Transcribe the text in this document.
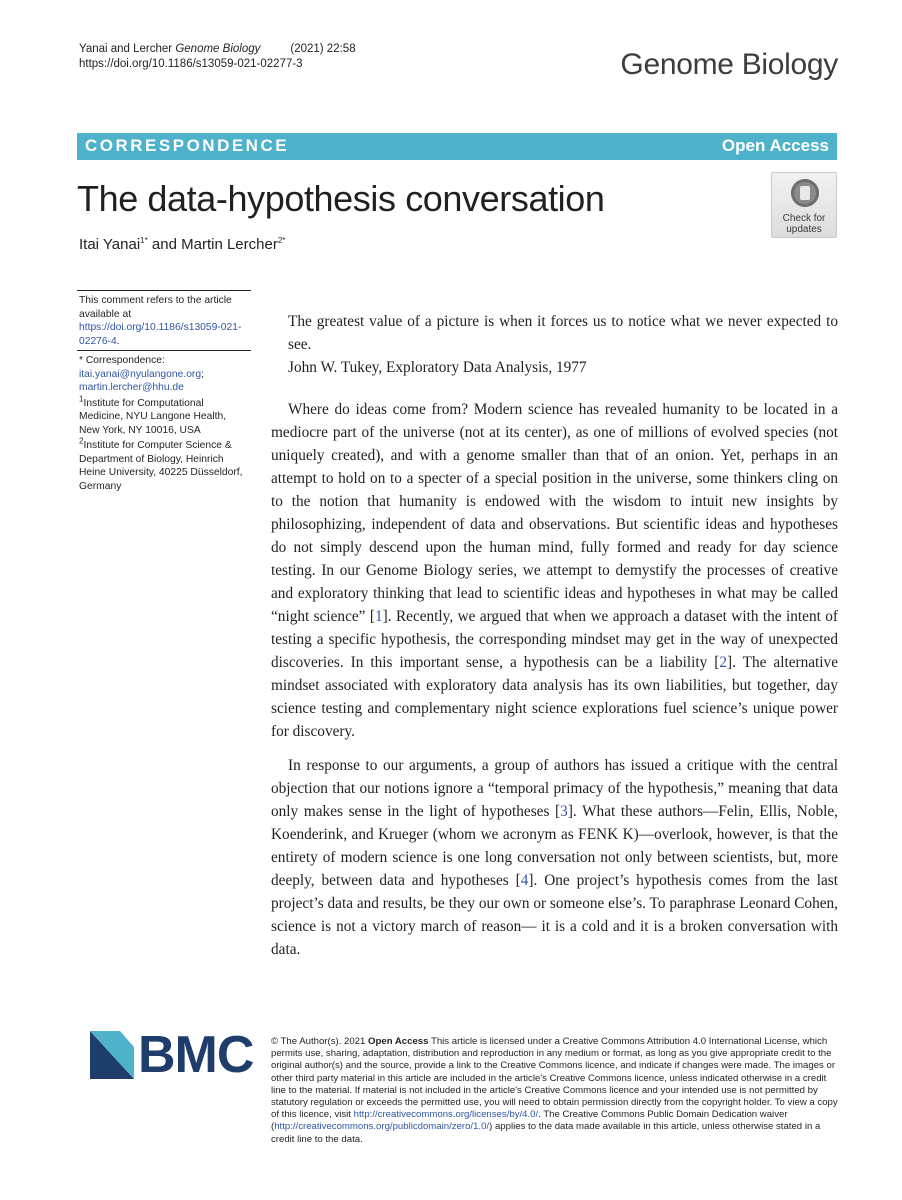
Yanai and Lercher Genome Biology	(2021) 22:58
https://doi.org/10.1186/s13059-021-02277-3	Genome Biology
CORRESPONDENCE	Open Access
The data-hypothesis conversation
Itai Yanai$^{1*}$ and Martin Lercher$^{2*}$
Check for
updates
This comment refers to the article available at https://doi.org/10.1186/s13059-021-02276-4.
* Correspondence: itai.yanai@nyulangone.org; martin.lercher@hhu.de
$^1$Institute for Computational Medicine, NYU Langone Health, New York, NY 10016, USA
$^2$Institute for Computer Science & Department of Biology, Heinrich Heine University, 40225 Düsseldorf, Germany
The greatest value of a picture is when it forces us to notice what we never expected to see.
John W. Tukey, Exploratory Data Analysis, 1977

Where do ideas come from? Modern science has revealed humanity to be located in a mediocre part of the universe (not at its center), as one of millions of evolved species (not uniquely created), and with a genome smaller than that of an onion. Yet, perhaps in an attempt to hold on to a specter of a special position in the universe, some thinkers cling on to the notion that humanity is endowed with the wisdom to intuit new insights by philosophizing, independent of data and observations. But scientific ideas and hypotheses do not simply descend upon the human mind, fully formed and ready for day science testing. In our Genome Biology series, we attempt to demystify the processes of creative and exploratory thinking that lead to scientific ideas and hypotheses in what may be called “night science” [1]. Recently, we argued that when we approach a dataset with the intent of testing a specific hypothesis, the corresponding mindset may get in the way of unexpected discoveries. In this important sense, a hypothesis can be a liability [2]. The alternative mindset associated with exploratory data analysis has its own liabilities, but together, day science testing and complementary night science explorations fuel science’s unique power for discovery.

In response to our arguments, a group of authors has issued a critique with the central objection that our notions ignore a “temporal primacy of the hypothesis,” meaning that data only makes sense in the light of hypotheses [3]. What these authors—Felin, Ellis, Noble, Koenderink, and Krueger (whom we acronym as FENK K)—overlook, however, is that the entirety of modern science is one long conversation not only between scientists, but, more deeply, between data and hypotheses [4]. One project’s hypothesis comes from the last project’s data and results, be they our own or someone else’s. To paraphrase Leonard Cohen, science is not a victory march of reason— it is a cold and it is a broken conversation with data.

BMC © The Author(s). 2021 Open Access This article is licensed under a Creative Commons Attribution 4.0 International License, which permits use, sharing, adaptation, distribution and reproduction in any medium or format, as long as you give appropriate credit to the original author(s) and the source, provide a link to the Creative Commons licence, and indicate if changes were made. The images or other third party material in this article are included in the article's Creative Commons licence, unless indicated otherwise in a credit line to the material. If material is not included in the article's Creative Commons licence and your intended use is not permitted by statutory regulation or exceeds the permitted use, you will need to obtain permission directly from the copyright holder. To view a copy of this licence, visit http://creativecommons.org/licenses/by/4.0/. The Creative Commons Public Domain Dedication waiver (http://creativecommons.org/publicdomain/zero/1.0/) applies to the data made available in this article, unless otherwise stated in a credit line to the data.
